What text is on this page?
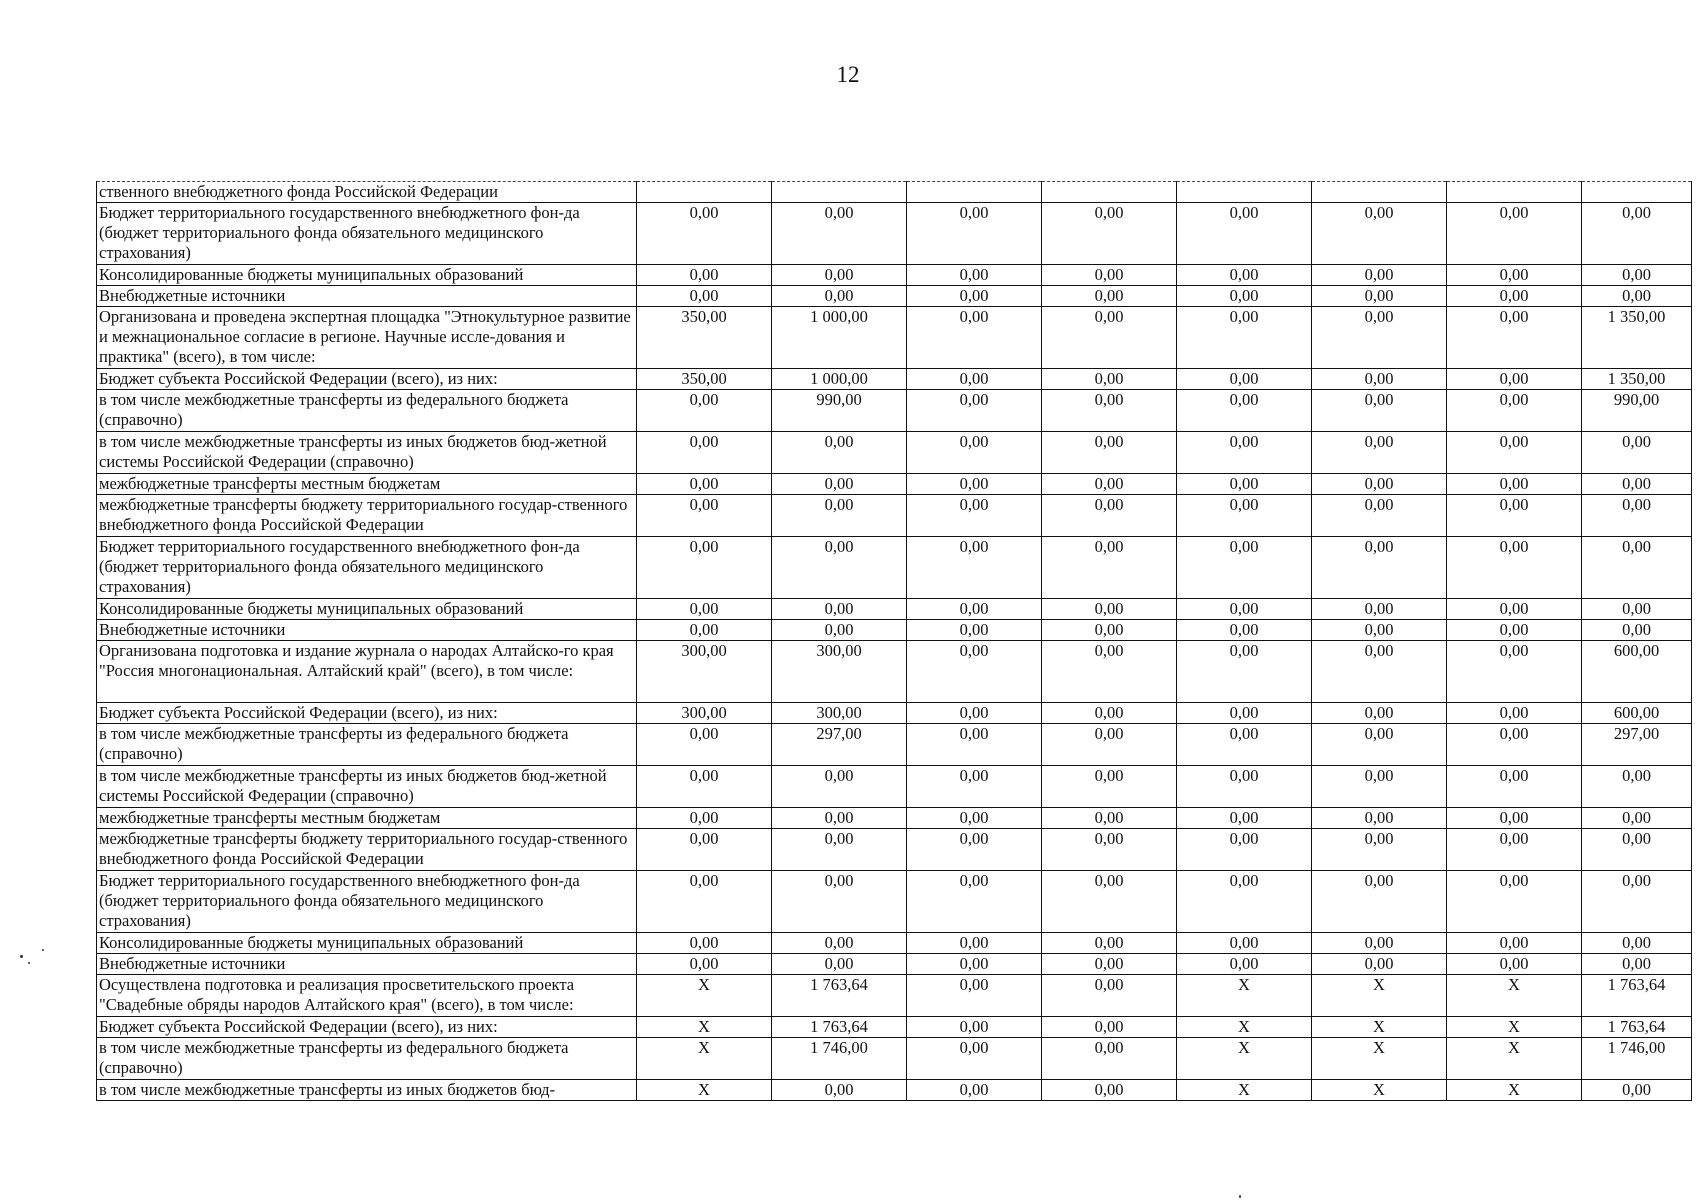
12
ственного внебюджетного фонда Российской Федерации								
Бюджет территориального государственного внебюджетного фон-да (бюджет территориального фонда обязательного медицинского страхования)	0,00	0,00	0,00	0,00	0,00	0,00	0,00	0,00
Консолидированные бюджеты муниципальных образований	0,00	0,00	0,00	0,00	0,00	0,00	0,00	0,00
Внебюджетные источники	0,00	0,00	0,00	0,00	0,00	0,00	0,00	0,00
Организована и проведена экспертная площадка "Этнокультурное развитие и межнациональное согласие в регионе. Научные иссле-дования и практика" (всего), в том числе:	350,00	1 000,00	0,00	0,00	0,00	0,00	0,00	1 350,00
Бюджет субъекта Российской Федерации (всего), из них:	350,00	1 000,00	0,00	0,00	0,00	0,00	0,00	1 350,00
в том числе межбюджетные трансферты из федерального бюджета (справочно)	0,00	990,00	0,00	0,00	0,00	0,00	0,00	990,00
в том числе межбюджетные трансферты из иных бюджетов бюд-жетной системы Российской Федерации (справочно)	0,00	0,00	0,00	0,00	0,00	0,00	0,00	0,00
межбюджетные трансферты местным бюджетам	0,00	0,00	0,00	0,00	0,00	0,00	0,00	0,00
межбюджетные трансферты бюджету территориального государ-ственного внебюджетного фонда Российской Федерации	0,00	0,00	0,00	0,00	0,00	0,00	0,00	0,00
Бюджет территориального государственного внебюджетного фон-да (бюджет территориального фонда обязательного медицинского страхования)	0,00	0,00	0,00	0,00	0,00	0,00	0,00	0,00
Консолидированные бюджеты муниципальных образований	0,00	0,00	0,00	0,00	0,00	0,00	0,00	0,00
Внебюджетные источники	0,00	0,00	0,00	0,00	0,00	0,00	0,00	0,00
Организована подготовка и издание журнала о народах Алтайско-го края "Россия многонациональная. Алтайский край" (всего), в том числе:	300,00	300,00	0,00	0,00	0,00	0,00	0,00	600,00
Бюджет субъекта Российской Федерации (всего), из них:	300,00	300,00	0,00	0,00	0,00	0,00	0,00	600,00
в том числе межбюджетные трансферты из федерального бюджета (справочно)	0,00	297,00	0,00	0,00	0,00	0,00	0,00	297,00
в том числе межбюджетные трансферты из иных бюджетов бюд-жетной системы Российской Федерации (справочно)	0,00	0,00	0,00	0,00	0,00	0,00	0,00	0,00
межбюджетные трансферты местным бюджетам	0,00	0,00	0,00	0,00	0,00	0,00	0,00	0,00
межбюджетные трансферты бюджету территориального государ-ственного внебюджетного фонда Российской Федерации	0,00	0,00	0,00	0,00	0,00	0,00	0,00	0,00
Бюджет территориального государственного внебюджетного фон-да (бюджет территориального фонда обязательного медицинского страхования)	0,00	0,00	0,00	0,00	0,00	0,00	0,00	0,00
Консолидированные бюджеты муниципальных образований	0,00	0,00	0,00	0,00	0,00	0,00	0,00	0,00
Внебюджетные источники	0,00	0,00	0,00	0,00	0,00	0,00	0,00	0,00
Осуществлена подготовка и реализация просветительского проекта "Свадебные обряды народов Алтайского края" (всего), в том числе:	X	1 763,64	0,00	0,00	X	X	X	1 763,64
Бюджет субъекта Российской Федерации (всего), из них:	X	1 763,64	0,00	0,00	X	X	X	1 763,64
в том числе межбюджетные трансферты из федерального бюджета (справочно)	X	1 746,00	0,00	0,00	X	X	X	1 746,00
в том числе межбюджетные трансферты из иных бюджетов бюд-	X	0,00	0,00	0,00	X	X	X	0,00
